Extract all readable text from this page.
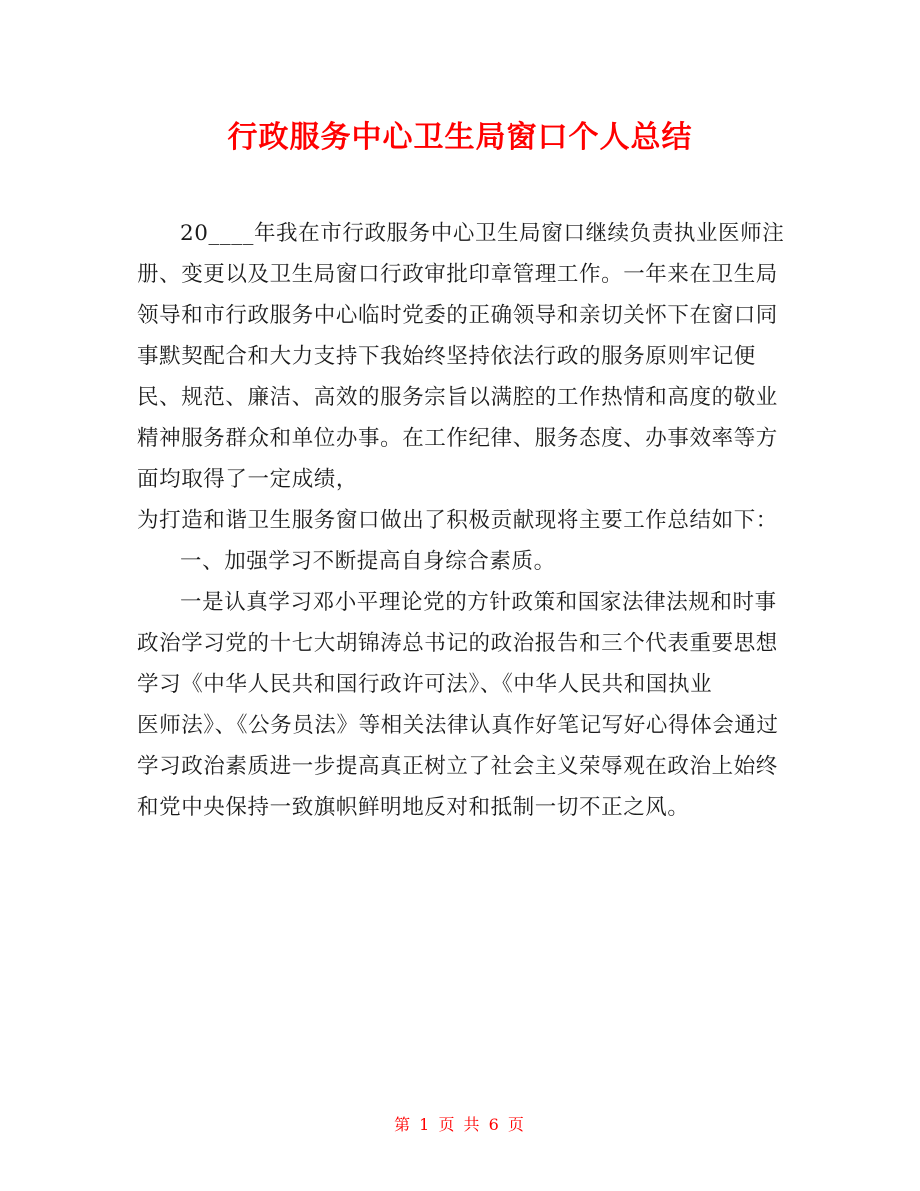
行政服务中心卫生局窗口个人总结

20____年我在市行政服务中心卫生局窗口继续负责执业医师注册、变更以及卫生局窗口行政审批印章管理工作。一年来在卫生局领导和市行政服务中心临时党委的正确领导和亲切关怀下在窗口同事默契配合和大力支持下我始终坚持依法行政的服务原则牢记便民、规范、廉洁、高效的服务宗旨以满腔的工作热情和高度的敬业精神服务群众和单位办事。在工作纪律、服务态度、办事效率等方面均取得了一定成绩，

为打造和谐卫生服务窗口做出了积极贡献现将主要工作总结如下：

一、加强学习不断提高自身综合素质。

一是认真学习邓小平理论党的方针政策和国家法律法规和时事政治学习党的十七大胡锦涛总书记的政治报告和三个代表重要思想学习《中华人民共和国行政许可法》、《中华人民共和国执业

医师法》、《公务员法》等相关法律认真作好笔记写好心得体会通过学习政治素质进一步提高真正树立了社会主义荣辱观在政治上始终和党中央保持一致旗帜鲜明地反对和抵制一切不正之风。

第 1 页 共 6 页
